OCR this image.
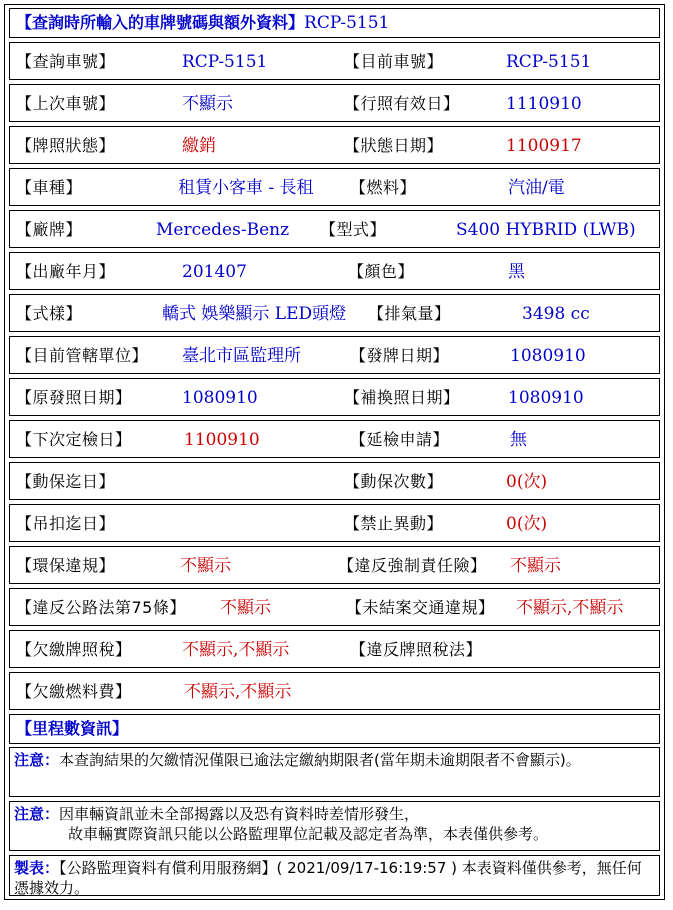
【查詢時所輸入的車牌號碼與額外資料】RCP-5151
【查詢車號】	RCP-5151	【目前車號】	RCP-5151
【上次車號】	不顯示	【行照有效日】	1110910
【牌照狀態】	繳銷	【狀態日期】	1100917
【車種】	租賃小客車 - 長租 【燃料】	汽油/電
【廠牌】	Mercedes-Benz 【型式】	S400 HYBRID (LWB)
【出廠年月】	201407	【顏色】	黑
【式樣】	轎式 娛樂顯示 LED頭燈 【排氣量】	3498 cc
【目前管轄單位】 臺北市區監理所	【發牌日期】	1080910
【原發照日期】	1080910	【補換照日期】	1080910
【下次定檢日】	1100910	【延檢申請】	無
【動保迄日】	【動保次數】	0(次)
【吊扣迄日】	【禁止異動】	0(次)
【環保違規】	不顯示	【違反強制責任險】 不顯示
【違反公路法第75條】 不顯示	【未結案交通違規】 不顯示,不顯示
【欠繳牌照稅】	不顯示,不顯示	【違反牌照稅法】
【欠繳燃料費】	不顯示,不顯示
【里程數資訊】
注意：本查詢結果的欠繳情況僅限已逾法定繳納期限者(當年期未逾期限者不會顯示)。
注意：因車輛資訊並未全部揭露以及恐有資料時差情形發生，
故車輛實際資訊只能以公路監理單位記載及認定者為準，本表僅供參考。
製表：【公路監理資料有償利用服務網】( 2021/09/17-16:19:57 ) 本表資料僅供參考，無任何憑據效力。
